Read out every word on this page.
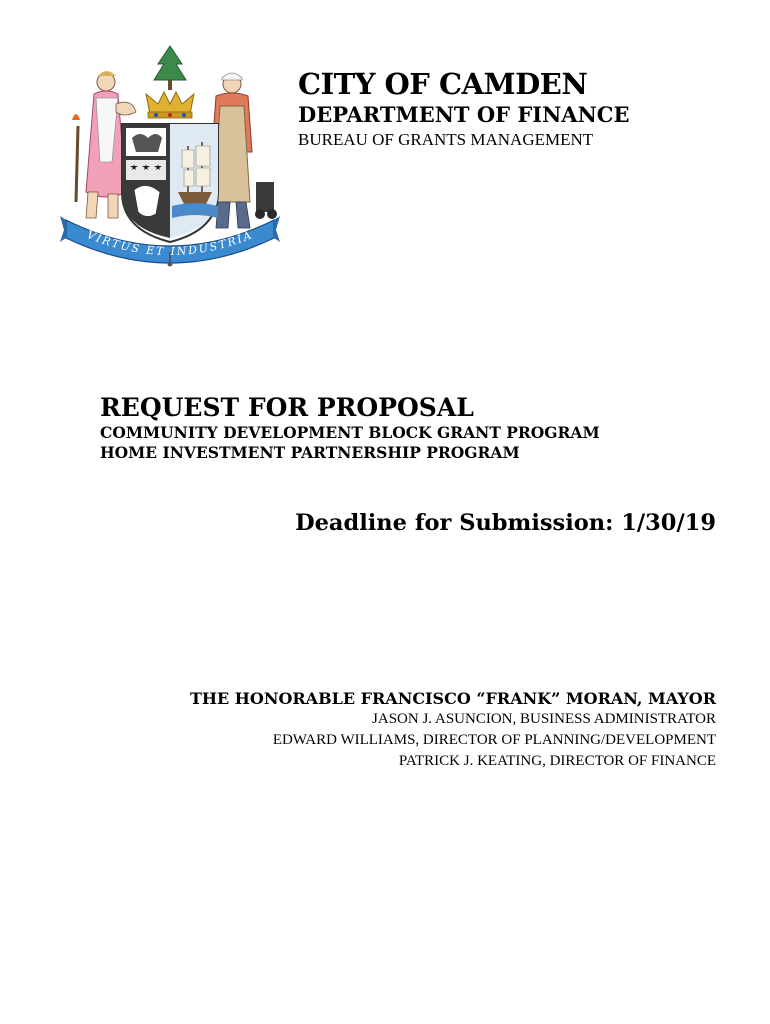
VIRTUS ET INDUSTRIA
CITY OF CAMDEN
DEPARTMENT OF FINANCE
BUREAU OF GRANTS MANAGEMENT
REQUEST FOR PROPOSAL
COMMUNITY DEVELOPMENT BLOCK GRANT PROGRAM
HOME INVESTMENT PARTNERSHIP PROGRAM
Deadline for Submission: 1/30/19
THE HONORABLE FRANCISCO “FRANK” MORAN, MAYOR
JASON J. ASUNCION, BUSINESS ADMINISTRATOR
EDWARD WILLIAMS, DIRECTOR OF PLANNING/DEVELOPMENT
PATRICK J. KEATING, DIRECTOR OF FINANCE
